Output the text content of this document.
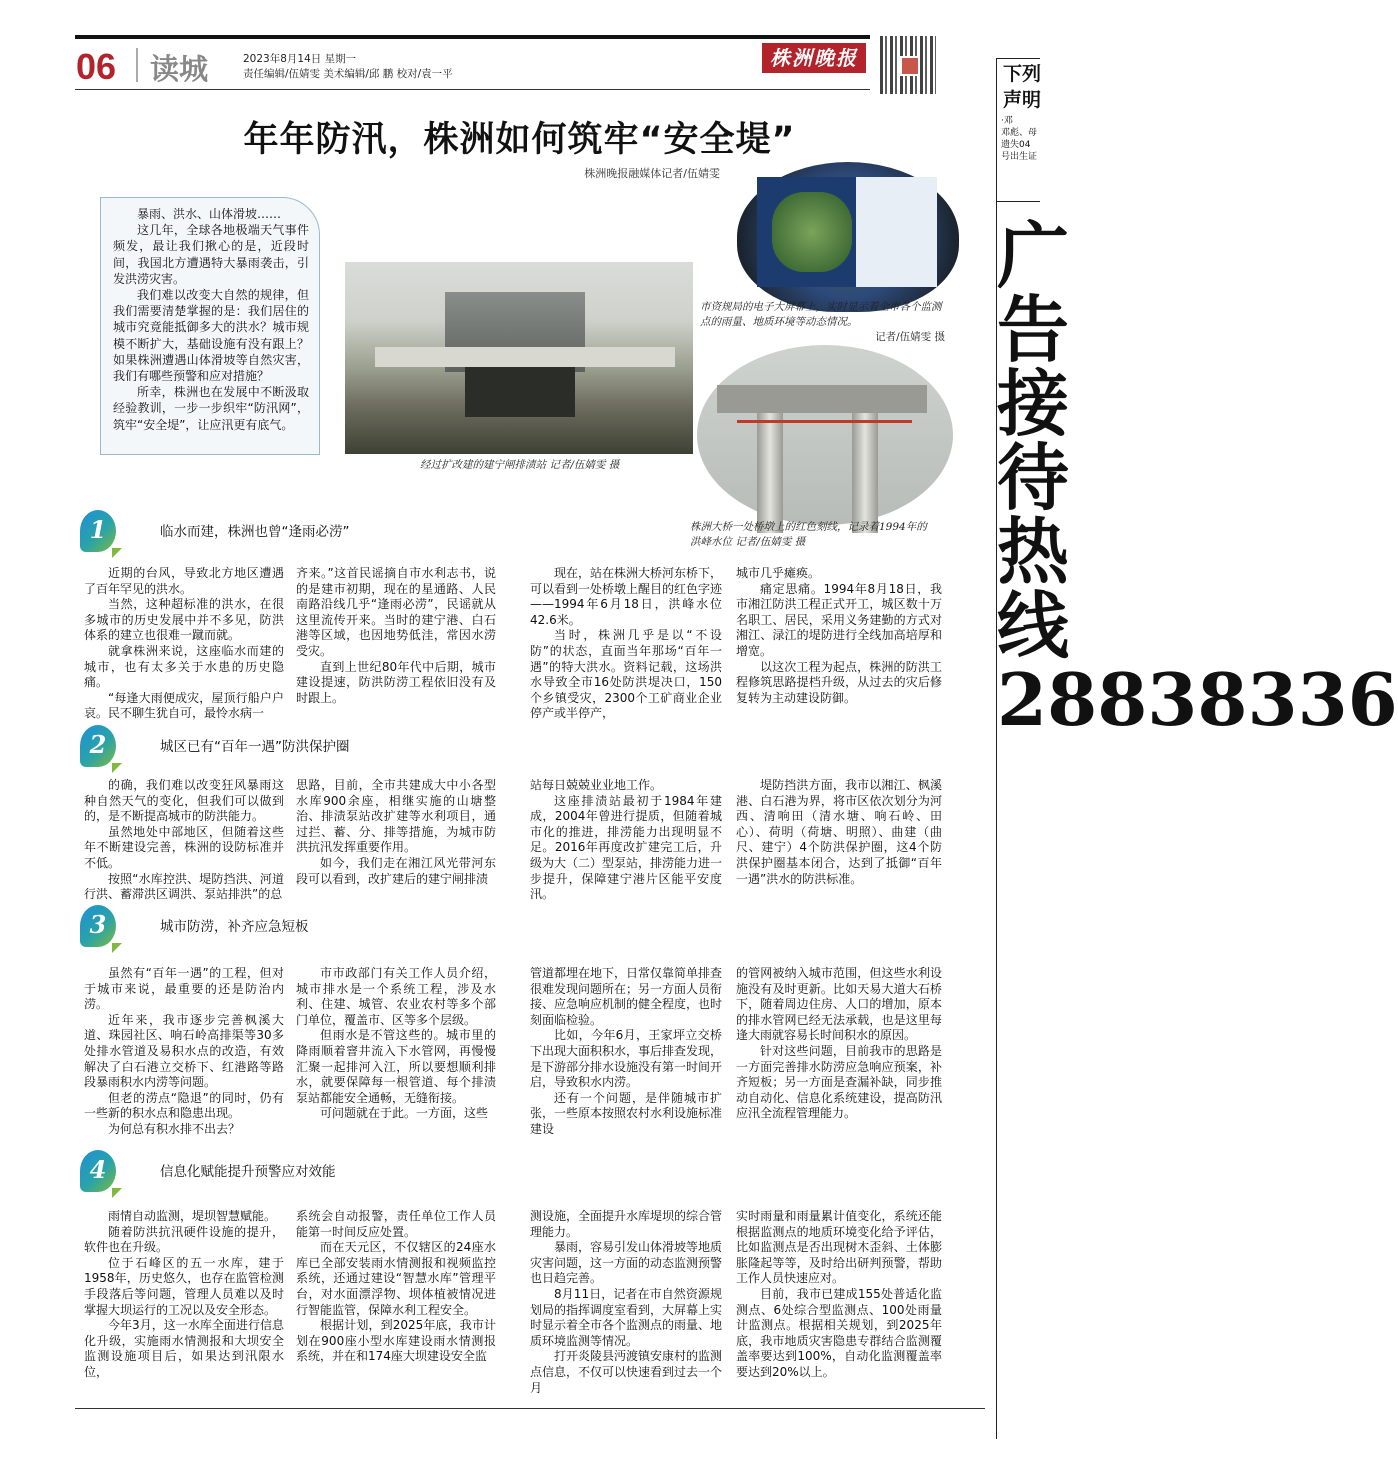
06 读城	2023年8月14日 星期一
责任编辑/伍婧雯 美术编辑/邱 鹏 校对/袁一平
株洲晚报
年年防汛，株洲如何筑牢“安全堤”
株洲晚报融媒体记者/伍婧雯

暴雨、洪水、山体滑坡……

这几年，全球各地极端天气事件频发，最让我们揪心的是，近段时间，我国北方遭遇特大暴雨袭击，引发洪涝灾害。

我们难以改变大自然的规律，但我们需要清楚掌握的是：我们居住的城市究竟能抵御多大的洪水？城市规模不断扩大，基础设施有没有跟上？如果株洲遭遇山体滑坡等自然灾害，我们有哪些预警和应对措施？

所幸，株洲也在发展中不断汲取经验教训，一步一步织牢“防汛网”，筑牢“安全堤”，让应汛更有底气。

经过扩改建的建宁闸排渍站 记者/伍婧雯 摄
市资规局的电子大屏幕上，实时显示着全市各个监测点的雨量、地质环境等动态情况。
记者/伍婧雯 摄
株洲大桥一处桥墩上的红色刻线，记录着1994年的洪峰水位 记者/伍婧雯 摄
1	临水而建，株洲也曾“逢雨必涝”

近期的台风，导致北方地区遭遇了百年罕见的洪水。

当然，这种超标准的洪水，在很多城市的历史发展中并不多见，防洪体系的建立也很难一蹴而就。

就拿株洲来说，这座临水而建的城市，也有太多关于水患的历史隐痛。

“每逢大雨便成灾，屋顶行船户户哀。民不聊生犹自可，最怜水病一

齐来。”这首民谣摘自市水利志书，说的是建市初期，现在的星通路、人民南路沿线几乎“逢雨必涝”，民谣就从这里流传开来。当时的建宁港、白石港等区域，也因地势低洼，常因水涝受灾。

直到上世纪80年代中后期，城市建设提速，防洪防涝工程依旧没有及时跟上。

现在，站在株洲大桥河东桥下，可以看到一处桥墩上醒目的红色字迹——1994年6月18日，洪峰水位42.6米。

当时，株洲几乎是以“不设防”的状态，直面当年那场“百年一遇”的特大洪水。资料记载，这场洪水导致全市16处防洪堤决口，150个乡镇受灾，2300个工矿商业企业停产或半停产，

城市几乎瘫痪。

痛定思痛。1994年8月18日，我市湘江防洪工程正式开工，城区数十万名职工、居民，采用义务建勤的方式对湘江、渌江的堤防进行全线加高培厚和增宽。

以这次工程为起点，株洲的防洪工程修筑思路提档升级，从过去的灾后修复转为主动建设防御。

2	城区已有“百年一遇”防洪保护圈

的确，我们难以改变狂风暴雨这种自然天气的变化，但我们可以做到的，是不断提高城市的防洪能力。

虽然地处中部地区，但随着这些年不断建设完善，株洲的设防标准并不低。

按照“水库控洪、堤防挡洪、河道行洪、蓄滞洪区调洪、泵站排洪”的总

思路，目前，全市共建成大中小各型水库900余座，相继实施的山塘整治、排渍泵站改扩建等水利项目，通过拦、蓄、分、排等措施，为城市防洪抗汛发挥重要作用。

如今，我们走在湘江风光带河东段可以看到，改扩建后的建宁闸排渍

站每日兢兢业业地工作。

这座排渍站最初于1984年建成，2004年曾进行提质，但随着城市化的推进，排涝能力出现明显不足。2016年再度改扩建完工后，升级为大（二）型泵站，排涝能力进一步提升，保障建宁港片区能平安度汛。

堤防挡洪方面，我市以湘江、枫溪港、白石港为界，将市区依次划分为河西、清响田（清水塘、响石岭、田心）、荷明（荷塘、明照）、曲建（曲尺、建宁）4个防洪保护圈，这4个防洪保护圈基本闭合，达到了抵御“百年一遇”洪水的防洪标准。

3	城市防涝，补齐应急短板

虽然有“百年一遇”的工程，但对于城市来说，最重要的还是防治内涝。

近年来，我市逐步完善枫溪大道、珠园社区、响石岭高排渠等30多处排水管道及易积水点的改造，有效解决了白石港立交桥下、红港路等路段暴雨积水内涝等问题。

但老的涝点“隐退”的同时，仍有一些新的积水点和隐患出现。

为何总有积水排不出去？

市市政部门有关工作人员介绍，城市排水是一个系统工程，涉及水利、住建、城管、农业农村等多个部门单位，覆盖市、区等多个层级。

但雨水是不管这些的。城市里的降雨顺着窨井流入下水管网，再慢慢汇聚一起排河入江，所以要想顺利排水，就要保障每一根管道、每个排渍泵站都能安全通畅，无缝衔接。

可问题就在于此。一方面，这些

管道都埋在地下，日常仅靠简单排查很难发现问题所在；另一方面人员衔接、应急响应机制的健全程度，也时刻面临检验。

比如，今年6月，王家坪立交桥下出现大面积积水，事后排查发现，是下游部分排水设施没有第一时间开启，导致积水内涝。

还有一个问题，是伴随城市扩张，一些原本按照农村水利设施标准建设

的管网被纳入城市范围，但这些水利设施没有及时更新。比如天易大道大石桥下，随着周边住房、人口的增加，原本的排水管网已经无法承载，也是这里每逢大雨就容易长时间积水的原因。

针对这些问题，目前我市的思路是一方面完善排水防涝应急响应预案，补齐短板；另一方面是查漏补缺，同步推动自动化、信息化系统建设，提高防汛应汛全流程管理能力。

4	信息化赋能提升预警应对效能

雨情自动监测，堤坝智慧赋能。

随着防洪抗汛硬件设施的提升，软件也在升级。

位于石峰区的五一水库，建于1958年，历史悠久，也存在监管检测手段落后等问题，管理人员难以及时掌握大坝运行的工况以及安全形态。

今年3月，这一水库全面进行信息化升级，实施雨水情测报和大坝安全监测设施项目后，如果达到汛限水位，

系统会自动报警，责任单位工作人员能第一时间反应处置。

而在天元区，不仅辖区的24座水库已全部安装雨水情测报和视频监控系统，还通过建设“智慧水库”管理平台，对水面漂浮物、坝体植被情况进行智能监管，保障水利工程安全。

根据计划，到2025年底，我市计划在900座小型水库建设雨水情测报系统，并在和174座大坝建设安全监

测设施，全面提升水库堤坝的综合管理能力。

暴雨，容易引发山体滑坡等地质灾害问题，这一方面的动态监测预警也日趋完善。

8月11日，记者在市自然资源规划局的指挥调度室看到，大屏幕上实时显示着全市各个监测点的雨量、地质环境监测等情况。

打开炎陵县沔渡镇安康村的监测点信息，不仅可以快速看到过去一个月

实时雨量和雨量累计值变化，系统还能根据监测点的地质环境变化给予评估，比如监测点是否出现树木歪斜、土体膨胀隆起等等，及时给出研判预警，帮助工作人员快速应对。

目前，我市已建成155处普适化监测点、6处综合型监测点、100处雨量计监测点。根据相关规划，到2025年底，我市地质灾害隐患专群结合监测覆盖率要达到100%，自动化监测覆盖率要达到20%以上。

下列
声明
·邓
邓彪、母
遗失04
号出生证
广告接待热线28838336
